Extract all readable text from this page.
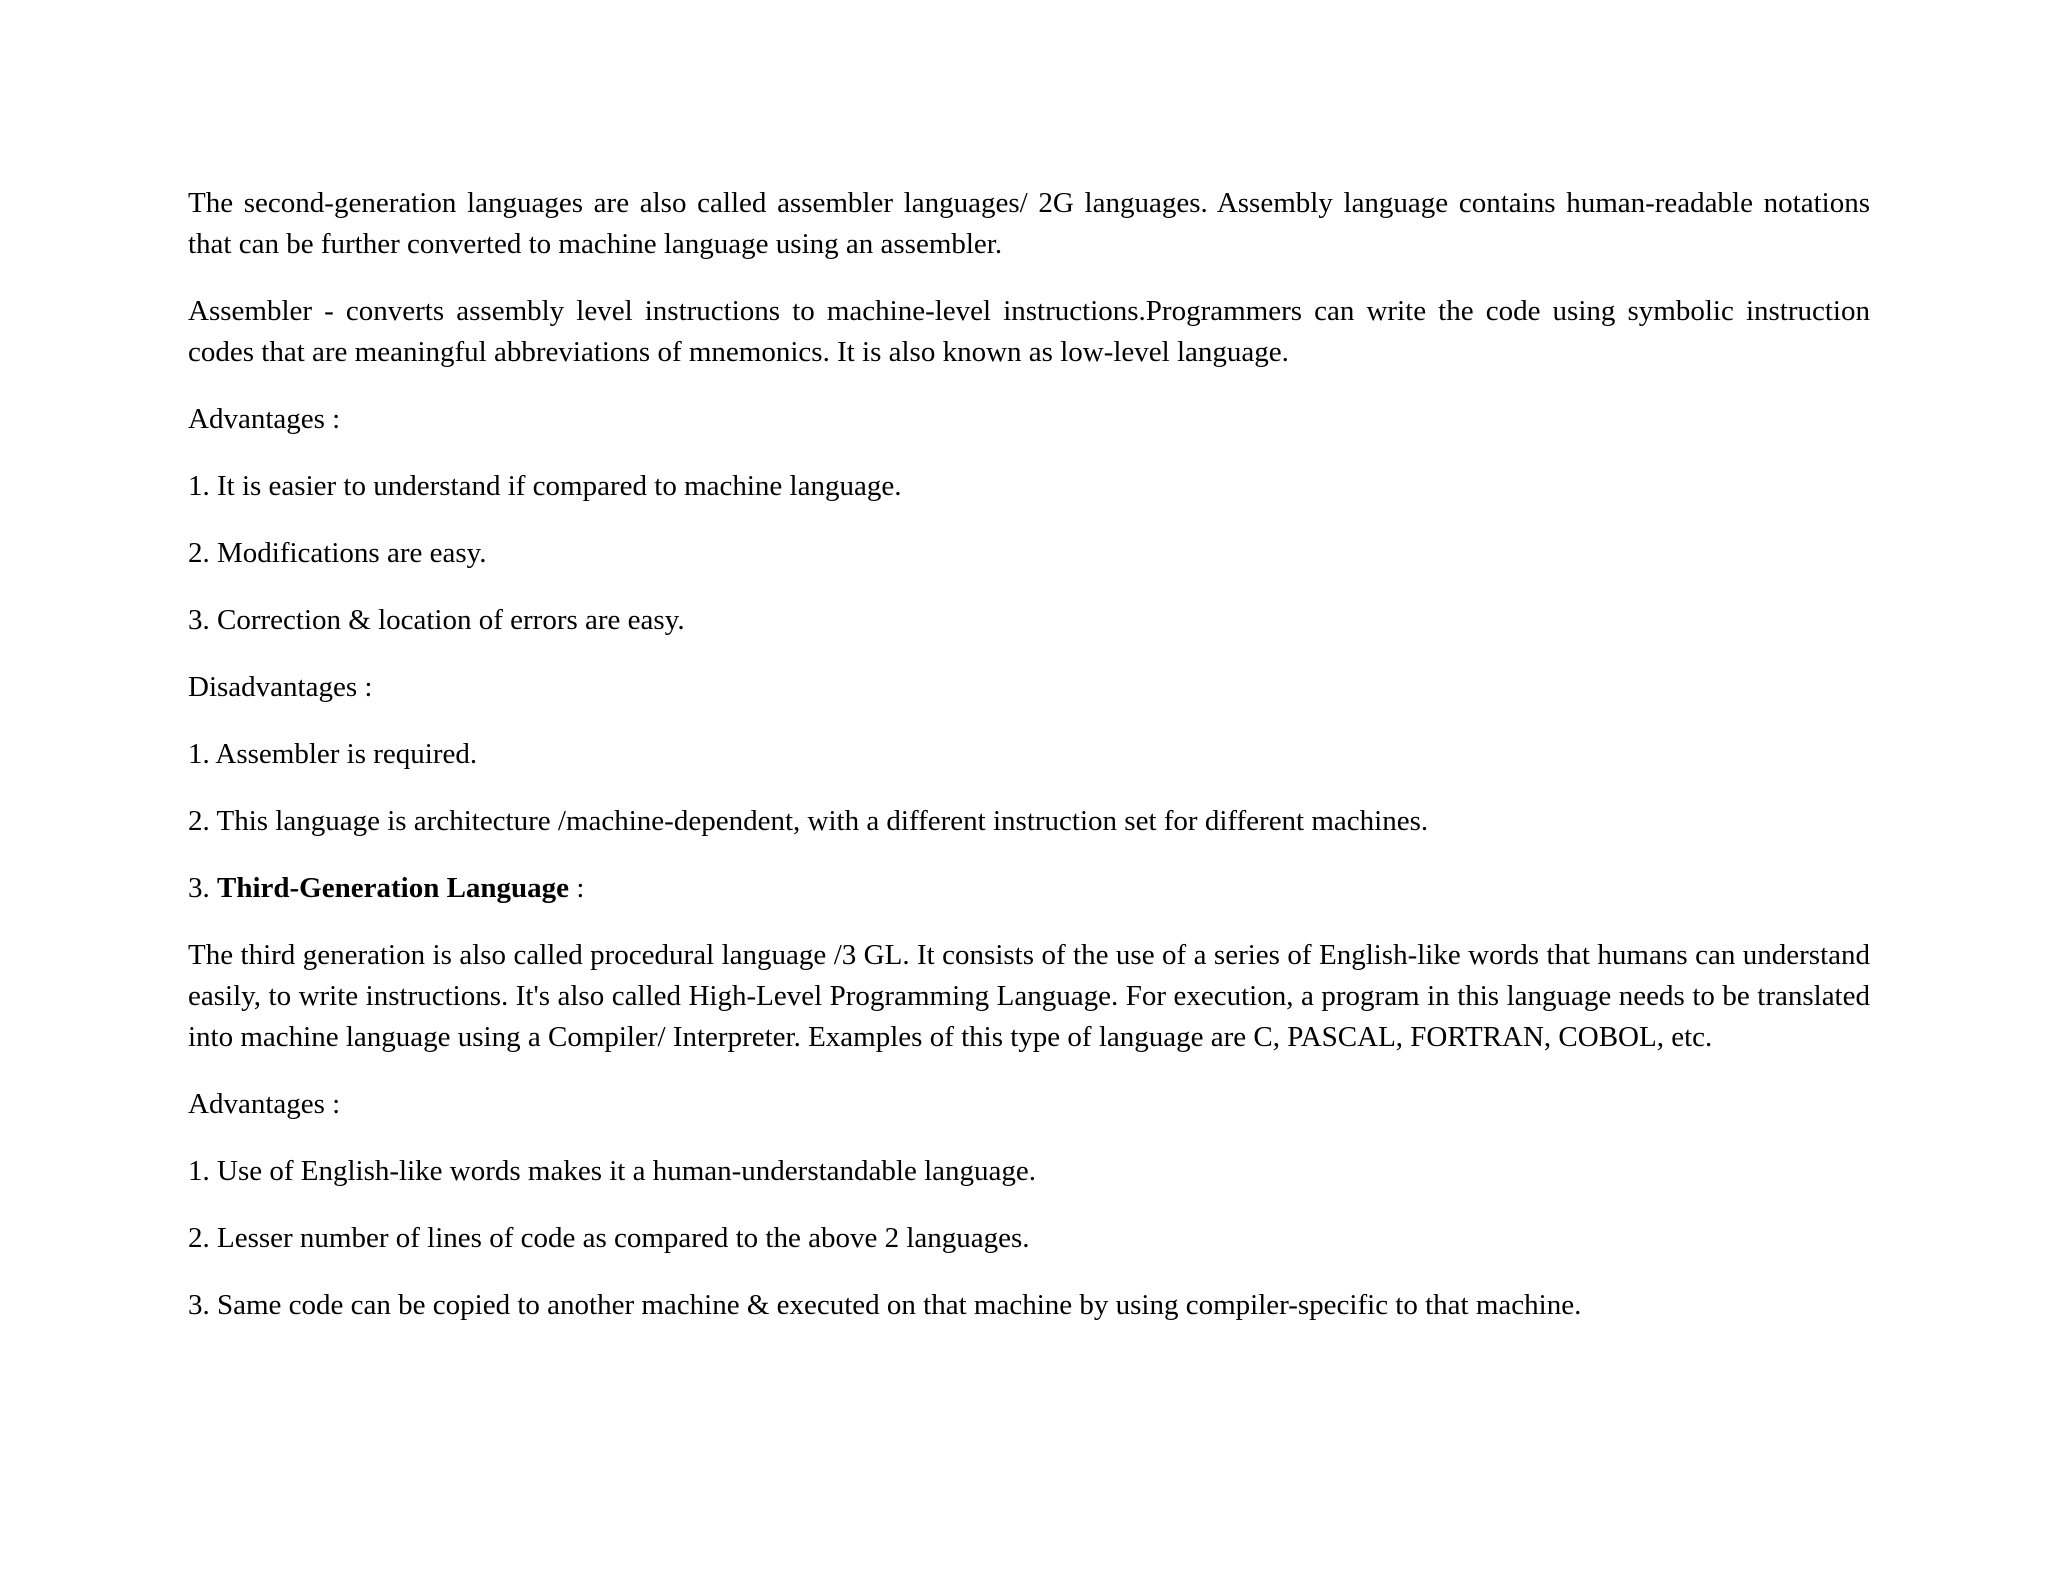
The second-generation languages are also called assembler languages/ 2G languages. Assembly language contains human-readable notations that can be further converted to machine language using an assembler.

Assembler - converts assembly level instructions to machine-level instructions.Programmers can write the code using symbolic instruction codes that are meaningful abbreviations of mnemonics. It is also known as low-level language.

Advantages :

1. It is easier to understand if compared to machine language.

2. Modifications are easy.

3. Correction & location of errors are easy.

Disadvantages :

1. Assembler is required.

2. This language is architecture /machine-dependent, with a different instruction set for different machines.

3. Third-Generation Language :

The third generation is also called procedural language /3 GL. It consists of the use of a series of English-like words that humans can understand easily, to write instructions. It's also called High-Level Programming Language. For execution, a program in this language needs to be translated into machine language using a Compiler/ Interpreter. Examples of this type of language are C, PASCAL, FORTRAN, COBOL, etc.

Advantages :

1. Use of English-like words makes it a human-understandable language.

2. Lesser number of lines of code as compared to the above 2 languages.

3. Same code can be copied to another machine & executed on that machine by using compiler-specific to that machine.
